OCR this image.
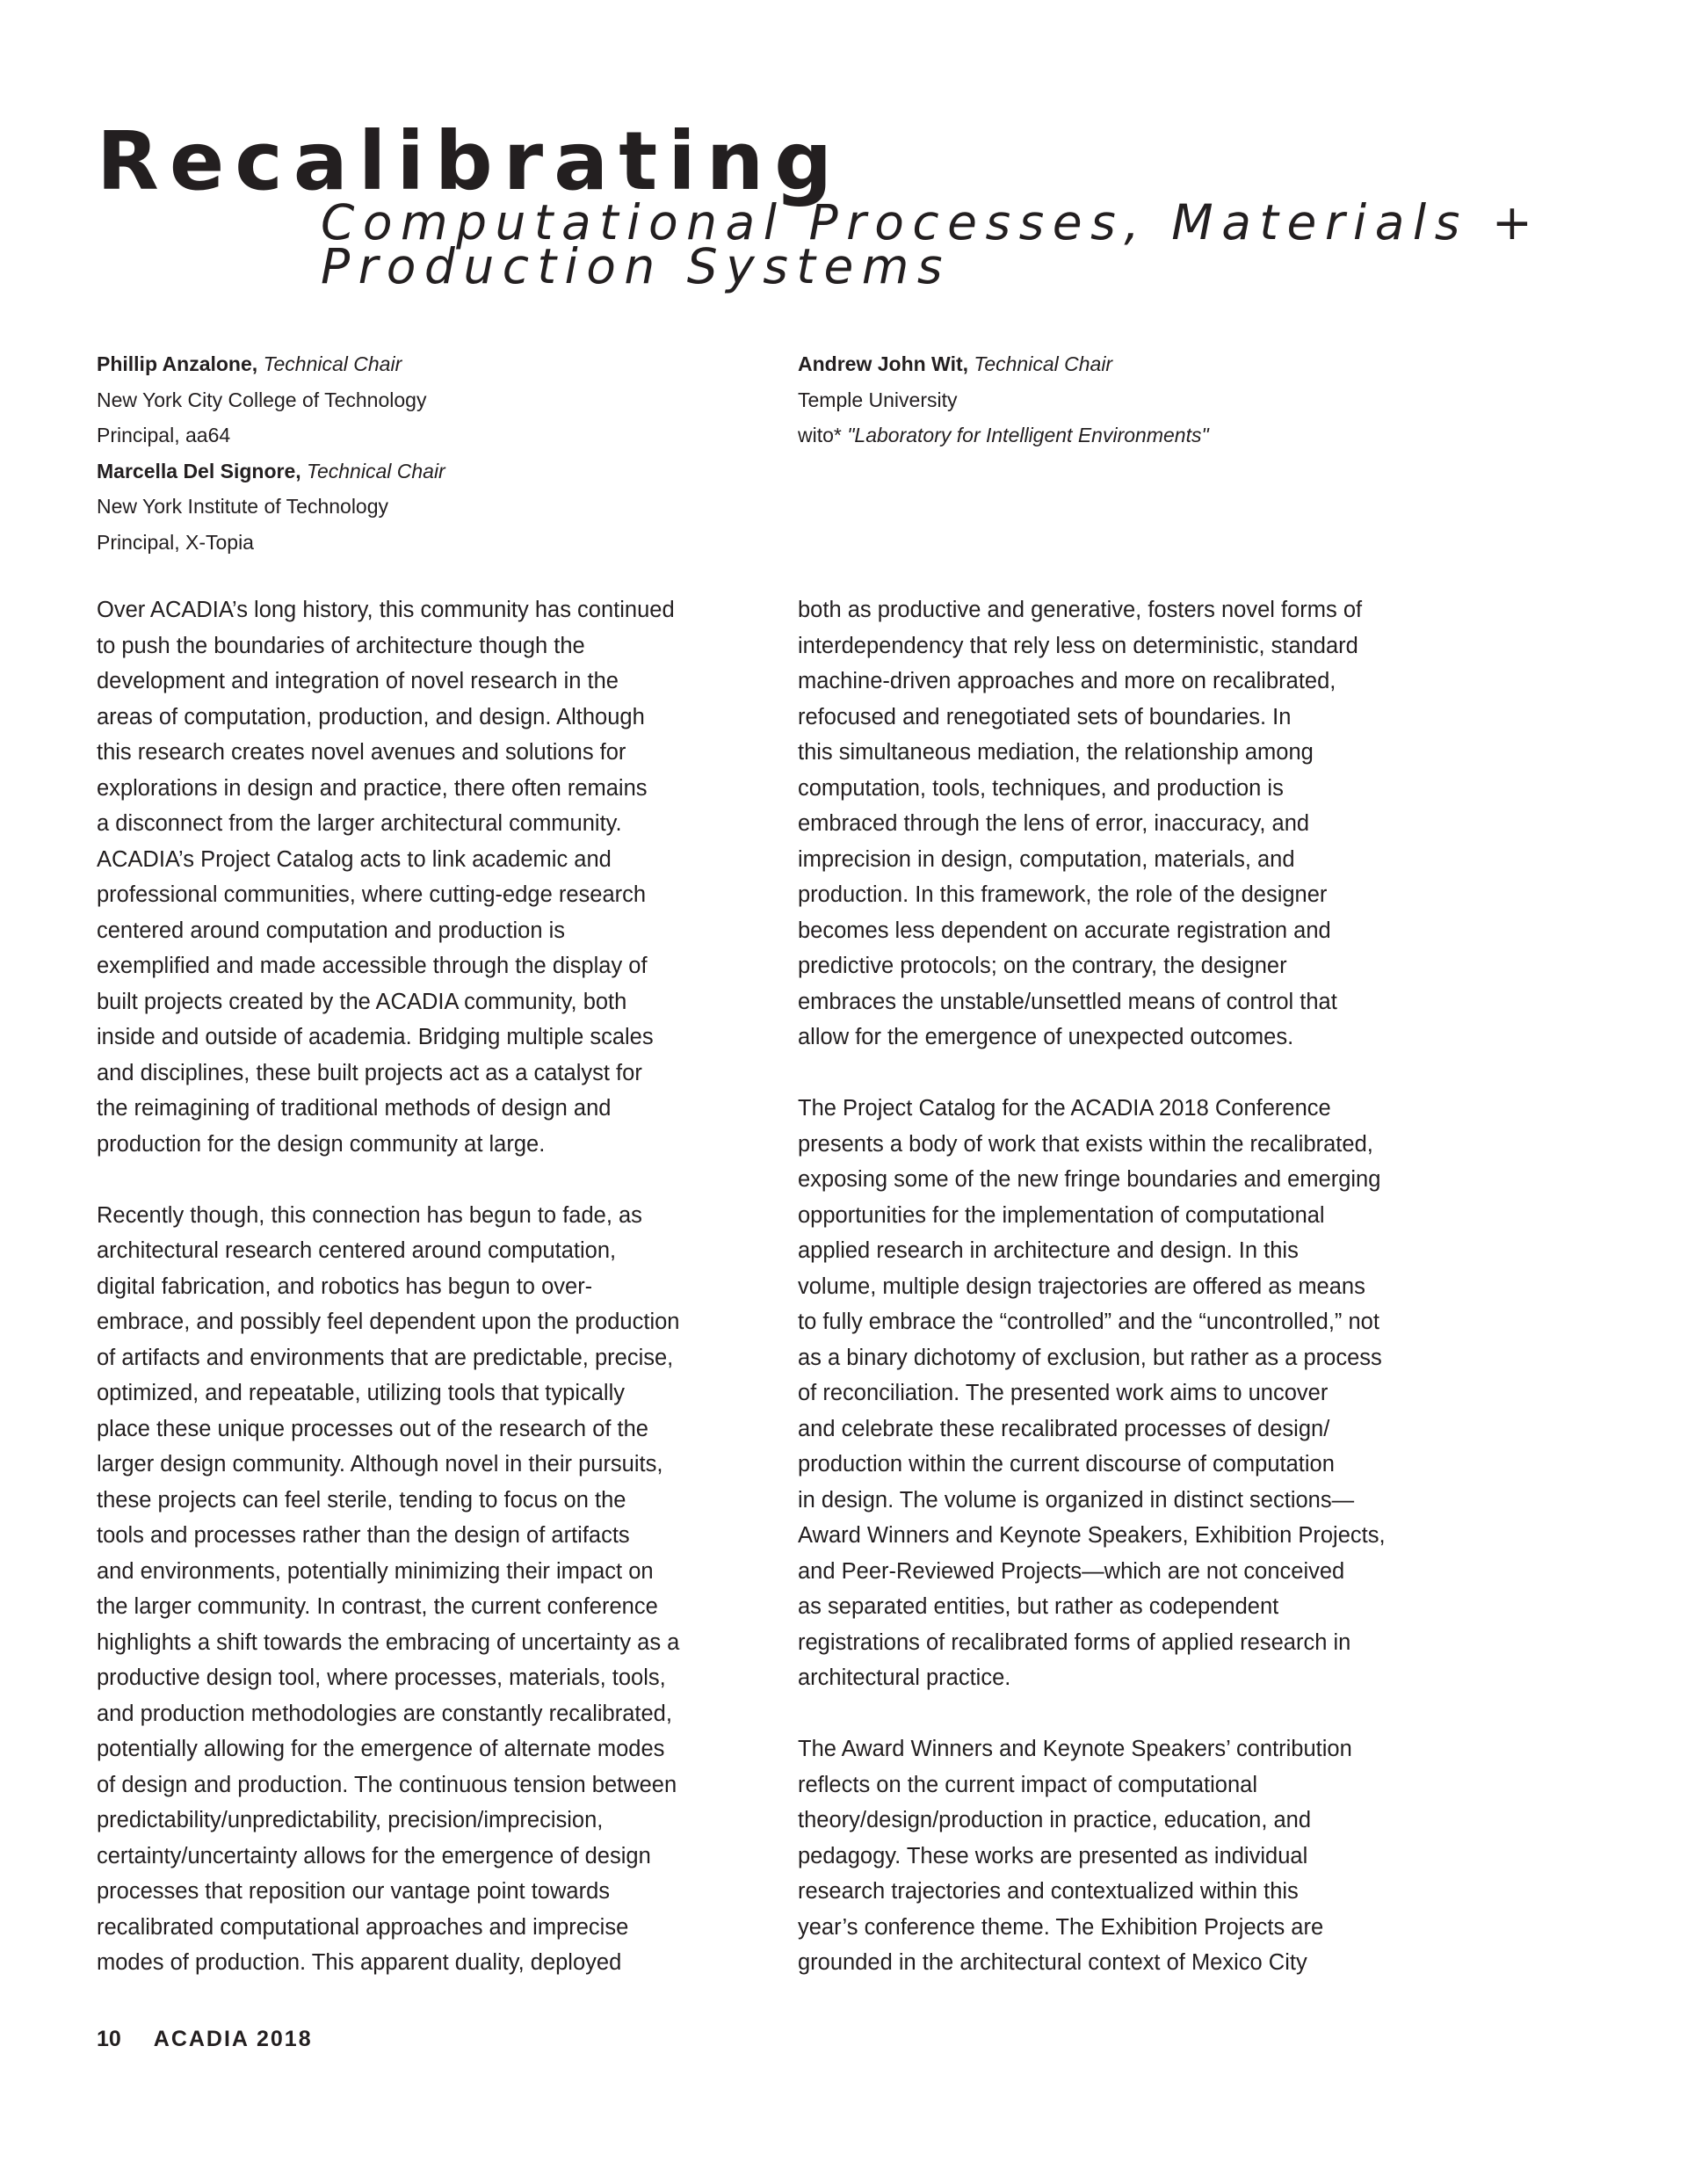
Recalibrating
Computational Processes, Materials +
Production Systems
Phillip Anzalone, Technical Chair
New York City College of Technology
Principal, aa64
Marcella Del Signore, Technical Chair
New York Institute of Technology
Principal, X-Topia
Andrew John Wit, Technical Chair
Temple University
wito* "Laboratory for Intelligent Environments"

Over ACADIA’s long history, this community has continued
to push the boundaries of architecture though the
development and integration of novel research in the
areas of computation, production, and design. Although
this research creates novel avenues and solutions for
explorations in design and practice, there often remains
a disconnect from the larger architectural community.
ACADIA’s Project Catalog acts to link academic and
professional communities, where cutting-edge research
centered around computation and production is
exemplified and made accessible through the display of
built projects created by the ACADIA community, both
inside and outside of academia. Bridging multiple scales
and disciplines, these built projects act as a catalyst for
the reimagining of traditional methods of design and
production for the design community at large.

Recently though, this connection has begun to fade, as
architectural research centered around computation,
digital fabrication, and robotics has begun to over-
embrace, and possibly feel dependent upon the production
of artifacts and environments that are predictable, precise,
optimized, and repeatable, utilizing tools that typically
place these unique processes out of the research of the
larger design community. Although novel in their pursuits,
these projects can feel sterile, tending to focus on the
tools and processes rather than the design of artifacts
and environments, potentially minimizing their impact on
the larger community. In contrast, the current conference
highlights a shift towards the embracing of uncertainty as a
productive design tool, where processes, materials, tools,
and production methodologies are constantly recalibrated,
potentially allowing for the emergence of alternate modes
of design and production. The continuous tension between
predictability/unpredictability, precision/imprecision,
certainty/uncertainty allows for the emergence of design
processes that reposition our vantage point towards
recalibrated computational approaches and imprecise
modes of production. This apparent duality, deployed

both as productive and generative, fosters novel forms of
interdependency that rely less on deterministic, standard
machine-driven approaches and more on recalibrated,
refocused and renegotiated sets of boundaries. In
this simultaneous mediation, the relationship among
computation, tools, techniques, and production is
embraced through the lens of error, inaccuracy, and
imprecision in design, computation, materials, and
production. In this framework, the role of the designer
becomes less dependent on accurate registration and
predictive protocols; on the contrary, the designer
embraces the unstable/unsettled means of control that
allow for the emergence of unexpected outcomes.

The Project Catalog for the ACADIA 2018 Conference
presents a body of work that exists within the recalibrated,
exposing some of the new fringe boundaries and emerging
opportunities for the implementation of computational
applied research in architecture and design. In this
volume, multiple design trajectories are offered as means
to fully embrace the “controlled” and the “uncontrolled,” not
as a binary dichotomy of exclusion, but rather as a process
of reconciliation. The presented work aims to uncover
and celebrate these recalibrated processes of design/
production within the current discourse of computation
in design. The volume is organized in distinct sections—
Award Winners and Keynote Speakers, Exhibition Projects,
and Peer-Reviewed Projects—which are not conceived
as separated entities, but rather as codependent
registrations of recalibrated forms of applied research in
architectural practice.

The Award Winners and Keynote Speakers’ contribution
reflects on the current impact of computational
theory/design/production in practice, education, and
pedagogy. These works are presented as individual
research trajectories and contextualized within this
year’s conference theme. The Exhibition Projects are
grounded in the architectural context of Mexico City

10 ACADIA 2018
